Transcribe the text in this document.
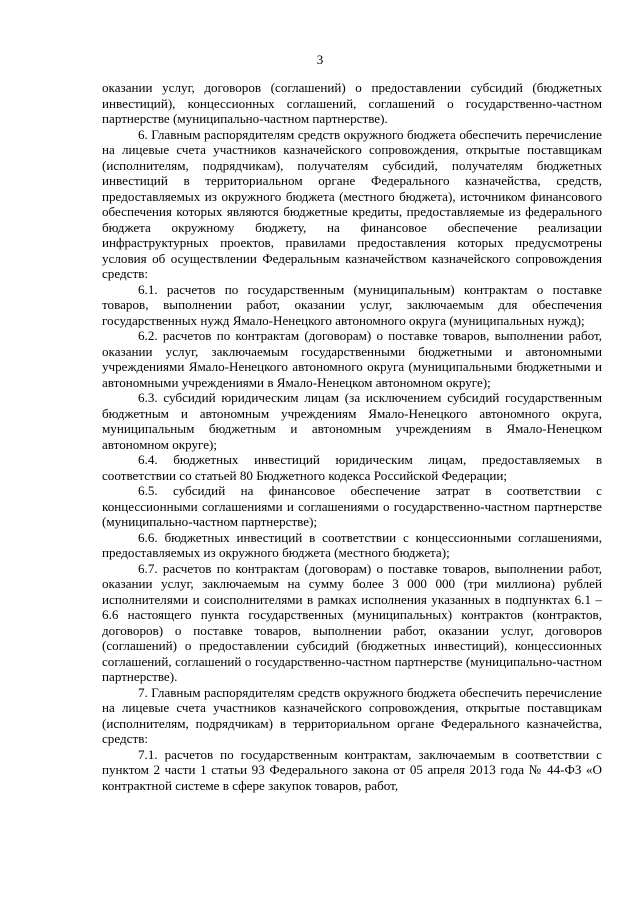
3

оказании услуг, договоров (соглашений) о предоставлении субсидий (бюджетных инвестиций), концессионных соглашений, соглашений о государственно-частном партнерстве (муниципально-частном партнерстве).

6. Главным распорядителям средств окружного бюджета обеспечить перечисление на лицевые счета участников казначейского сопровождения, открытые поставщикам (исполнителям, подрядчикам), получателям субсидий, получателям бюджетных инвестиций в территориальном органе Федерального казначейства, средств, предоставляемых из окружного бюджета (местного бюджета), источником финансового обеспечения которых являются бюджетные кредиты, предоставляемые из федерального бюджета окружному бюджету, на финансовое обеспечение реализации инфраструктурных проектов, правилами предоставления которых предусмотрены условия об осуществлении Федеральным казначейством казначейского сопровождения средств:

6.1. расчетов по государственным (муниципальным) контрактам о поставке товаров, выполнении работ, оказании услуг, заключаемым для обеспечения государственных нужд Ямало-Ненецкого автономного округа (муниципальных нужд);

6.2. расчетов по контрактам (договорам) о поставке товаров, выполнении работ, оказании услуг, заключаемым государственными бюджетными и автономными учреждениями Ямало-Ненецкого автономного округа (муниципальными бюджетными и автономными учреждениями в Ямало-Ненецком автономном округе);

6.3. субсидий юридическим лицам (за исключением субсидий государственным бюджетным и автономным учреждениям Ямало-Ненецкого автономного округа, муниципальным бюджетным и автономным учреждениям в Ямало-Ненецком автономном округе);

6.4. бюджетных инвестиций юридическим лицам, предоставляемых в соответствии со статьей 80 Бюджетного кодекса Российской Федерации;

6.5. субсидий на финансовое обеспечение затрат в соответствии с концессионными соглашениями и соглашениями о государственно-частном партнерстве (муниципально-частном партнерстве);

6.6. бюджетных инвестиций в соответствии с концессионными соглашениями, предоставляемых из окружного бюджета (местного бюджета);

6.7. расчетов по контрактам (договорам) о поставке товаров, выполнении работ, оказании услуг, заключаемым на сумму более 3 000 000 (три миллиона) рублей исполнителями и соисполнителями в рамках исполнения указанных в подпунктах 6.1 – 6.6 настоящего пункта государственных (муниципальных) контрактов (контрактов, договоров) о поставке товаров, выполнении работ, оказании услуг, договоров (соглашений) о предоставлении субсидий (бюджетных инвестиций), концессионных соглашений, соглашений о государственно-частном партнерстве (муниципально-частном партнерстве).

7. Главным распорядителям средств окружного бюджета обеспечить перечисление на лицевые счета участников казначейского сопровождения, открытые поставщикам (исполнителям, подрядчикам) в территориальном органе Федерального казначейства, средств:

7.1. расчетов по государственным контрактам, заключаемым в соответствии с пунктом 2 части 1 статьи 93 Федерального закона от 05 апреля 2013 года № 44-ФЗ «О контрактной системе в сфере закупок товаров, работ,
